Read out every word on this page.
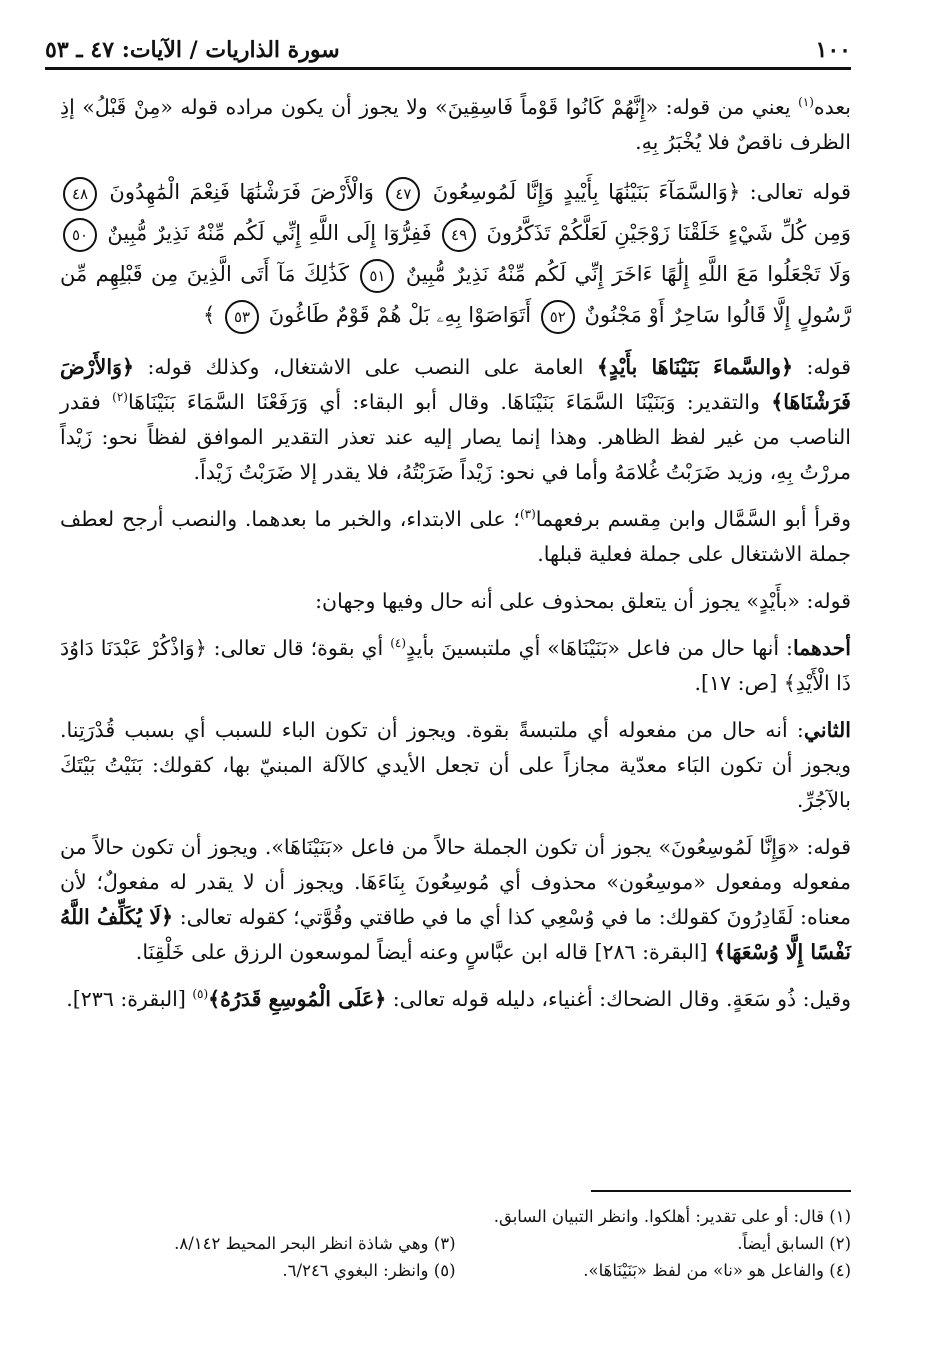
١٠٠
سورة الذاريات / الآيات: ٤٧ ـ ٥٣

بعده$^{(١)}$ يعني من قوله: «إِنَّهُمْ كَانُوا قَوْماً فَاسِقِينَ» ولا يجوز أن يكون مراده قوله «مِنْ قَبْلُ» إذِ الظرف ناقصٌ فلا يُخْبَرُ بِهِ.

قوله تعالى: ﴿وَالسَّمَآءَ بَنَيْنَٰهَا بِأَيْيدٍ وَإِنَّا لَمُوسِعُونَ ٤٧ وَالْأَرْضَ فَرَشْنَٰهَا فَنِعْمَ الْمَٰهِدُونَ ٤٨ وَمِن كُلِّ شَيْءٍ خَلَقْنَا زَوْجَيْنِ لَعَلَّكُمْ تَذَكَّرُونَ ٤٩ فَفِرُّوٓا إِلَى اللَّهِ إِنِّي لَكُم مِّنْهُ نَذِيرٌ مُّبِينٌ ٥٠ وَلَا تَجْعَلُوا مَعَ اللَّهِ إِلَٰهًا ءَاخَرَ إِنِّي لَكُم مِّنْهُ نَذِيرٌ مُّبِينٌ ٥١ كَذَٰلِكَ مَآ أَتَى الَّذِينَ مِن قَبْلِهِم مِّن رَّسُولٍ إِلَّا قَالُوا سَاحِرٌ أَوْ مَجْنُونٌ ٥٢ أَتَوَاصَوْا بِهِۦ بَلْ هُمْ قَوْمٌ طَاغُونَ ٥٣ ﴾

قوله: ﴿والسَّماءَ بَنَيْنَاهَا بأَيْدٍ﴾ العامة على النصب على الاشتغال، وكذلك قوله: ﴿وَالأَرْضَ فَرَشْنَاهَا﴾ والتقدير: وَبَنَيْنَا السَّمَاءَ بَنَيْنَاهَا. وقال أبو البقاء: أي وَرَفَعْنَا السَّمَاءَ بَنَيْنَاهَا$^{(٢)}$ فقدر الناصب من غير لفظ الظاهر. وهذا إنما يصار إليه عند تعذر التقدير الموافق لفظاً نحو: زَيْداً مررْتُ بِهِ، وزيد ضَرَبْتُ غُلامَهُ وأما في نحو: زَيْداً ضَرَبْتُهُ، فلا يقدر إلا ضَرَبْتُ زَيْداً.

وقرأ أبو السَّمَّال وابن مِقسم برفعهما$^{(٣)}$؛ على الابتداء، والخبر ما بعدهما. والنصب أرجح لعطف جملة الاشتغال على جملة فعلية قبلها.

قوله: «بأَيْدٍ» يجوز أن يتعلق بمحذوف على أنه حال وفيها وجهان:

أحدهما: أنها حال من فاعل «بَنَيْنَاهَا» أي ملتبسينَ بأيدٍ$^{(٤)}$ أي بقوة؛ قال تعالى: ﴿وَاذْكُرْ عَبْدَنَا دَاوُدَ ذَا الْأَيْدِ﴾ [ص: ١٧].

الثاني: أنه حال من مفعوله أي ملتبسةً بقوة. ويجوز أن تكون الباء للسبب أي بسبب قُدْرَتِنا. ويجوز أن تكون البَاء معدّية مجازاً على أن تجعل الأيدي كالآلة المبنيّ بها، كقولك: بَنَيْتُ بَيْتَكَ بالآجُرِّ.

قوله: «وَإِنَّا لَمُوسِعُونَ» يجوز أن تكون الجملة حالاً من فاعل «بَنَيْنَاهَا». ويجوز أن تكون حالاً من مفعوله ومفعول «موسِعُون» محذوف أي مُوسِعُونَ بِنَاءَهَا. ويجوز أن لا يقدر له مفعولٌ؛ لأن معناه: لَقَادِرُونَ كقولك: ما في وُسْعِي كذا أي ما في طاقتي وقُوَّتي؛ كقوله تعالى: ﴿لَا يُكَلِّفُ اللَّهُ نَفْسًا إِلَّا وُسْعَهَا﴾ [البقرة: ٢٨٦] قاله ابن عبَّاسٍ وعنه أيضاً لموسعون الرزق على خَلْقِنَا.

وقيل: ذُو سَعَةٍ. وقال الضحاك: أغنياء، دليله قوله تعالى: ﴿عَلَى الْمُوسِعِ قَدَرُهُ﴾$^{(٥)}$ [البقرة: ٢٣٦].

(١) قال: أو على تقدير: أهلكوا. وانظر التبيان السابق.
(٢) السابق أيضاً.
(٣) وهي شاذة انظر البحر المحيط ٨/١٤٢.
(٤) والفاعل هو «نا» من لفظ «بَنَيْنَاهَا».
(٥) وانظر: البغوي ٦/٢٤٦.
